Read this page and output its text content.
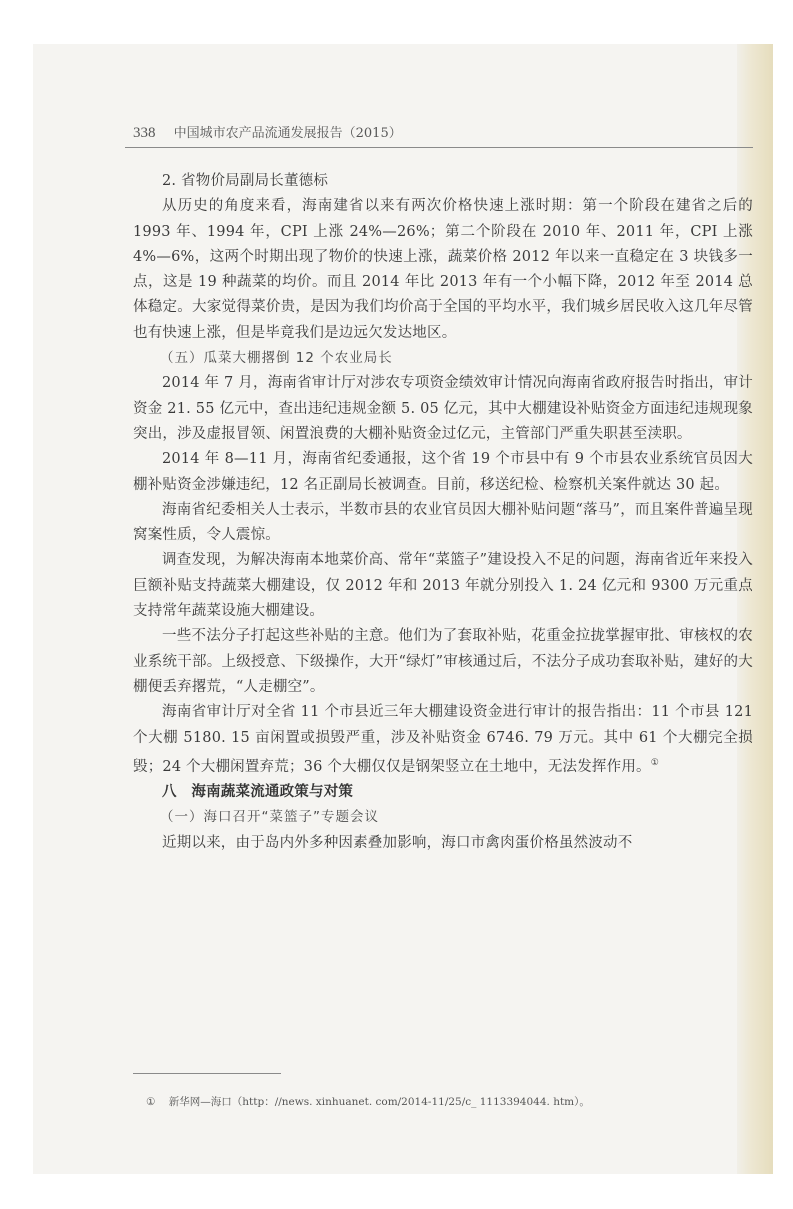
338 中国城市农产品流通发展报告（2015）

2. 省物价局副局长董德标

从历史的角度来看，海南建省以来有两次价格快速上涨时期：第一个阶段在建省之后的 1993 年、1994 年，CPI 上涨 24%—26%；第二个阶段在 2010 年、2011 年，CPI 上涨 4%—6%，这两个时期出现了物价的快速上涨，蔬菜价格 2012 年以来一直稳定在 3 块钱多一点，这是 19 种蔬菜的均价。而且 2014 年比 2013 年有一个小幅下降，2012 年至 2014 总体稳定。大家觉得菜价贵，是因为我们均价高于全国的平均水平，我们城乡居民收入这几年尽管也有快速上涨，但是毕竟我们是边远欠发达地区。

（五）瓜菜大棚撂倒 12 个农业局长

2014 年 7 月，海南省审计厅对涉农专项资金绩效审计情况向海南省政府报告时指出，审计资金 21. 55 亿元中，查出违纪违规金额 5. 05 亿元，其中大棚建设补贴资金方面违纪违规现象突出，涉及虚报冒领、闲置浪费的大棚补贴资金过亿元，主管部门严重失职甚至渎职。

2014 年 8—11 月，海南省纪委通报，这个省 19 个市县中有 9 个市县农业系统官员因大棚补贴资金涉嫌违纪，12 名正副局长被调查。目前，移送纪检、检察机关案件就达 30 起。

海南省纪委相关人士表示，半数市县的农业官员因大棚补贴问题“落马”，而且案件普遍呈现窝案性质，令人震惊。

调查发现，为解决海南本地菜价高、常年“菜篮子”建设投入不足的问题，海南省近年来投入巨额补贴支持蔬菜大棚建设，仅 2012 年和 2013 年就分别投入 1. 24 亿元和 9300 万元重点支持常年蔬菜设施大棚建设。

一些不法分子打起这些补贴的主意。他们为了套取补贴，花重金拉拢掌握审批、审核权的农业系统干部。上级授意、下级操作，大开“绿灯”审核通过后，不法分子成功套取补贴，建好的大棚便丢弃撂荒，“人走棚空”。

海南省审计厅对全省 11 个市县近三年大棚建设资金进行审计的报告指出：11 个市县 121 个大棚 5180. 15 亩闲置或损毁严重，涉及补贴资金 6746. 79 万元。其中 61 个大棚完全损毁；24 个大棚闲置弃荒；36 个大棚仅仅是钢架竖立在土地中，无法发挥作用。①

八　海南蔬菜流通政策与对策

（一）海口召开“菜篮子”专题会议

近期以来，由于岛内外多种因素叠加影响，海口市禽肉蛋价格虽然波动不

① 新华网—海口（http：//news. xinhuanet. com/2014-11/25/c_ 1113394044. htm）。
